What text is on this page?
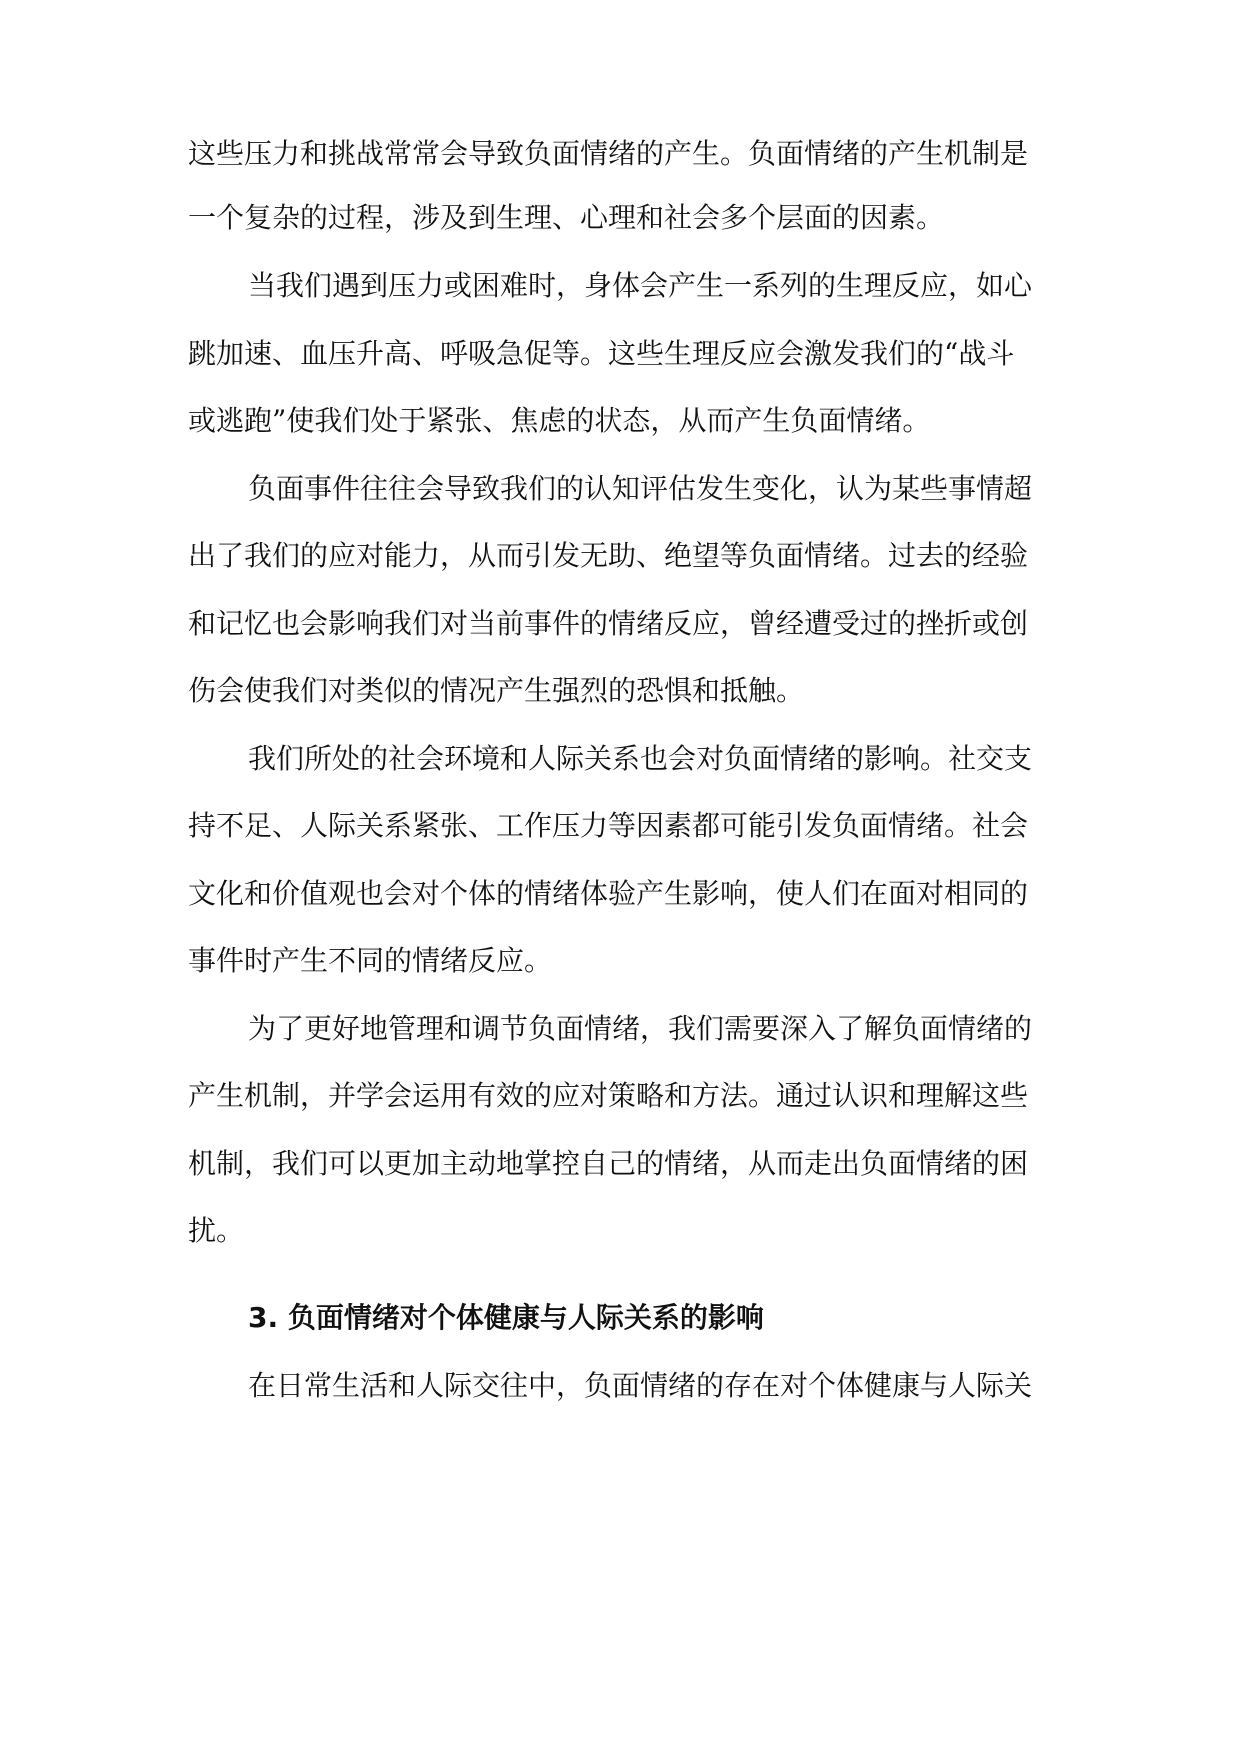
这些压力和挑战常常会导致负面情绪的产生。负面情绪的产生机制是
一个复杂的过程，涉及到生理、心理和社会多个层面的因素。
当我们遇到压力或困难时，身体会产生一系列的生理反应，如心
跳加速、血压升高、呼吸急促等。这些生理反应会激发我们的“战斗
或逃跑”使我们处于紧张、焦虑的状态，从而产生负面情绪。
负面事件往往会导致我们的认知评估发生变化，认为某些事情超
出了我们的应对能力，从而引发无助、绝望等负面情绪。过去的经验
和记忆也会影响我们对当前事件的情绪反应，曾经遭受过的挫折或创
伤会使我们对类似的情况产生强烈的恐惧和抵触。
我们所处的社会环境和人际关系也会对负面情绪的影响。社交支
持不足、人际关系紧张、工作压力等因素都可能引发负面情绪。社会
文化和价值观也会对个体的情绪体验产生影响，使人们在面对相同的
事件时产生不同的情绪反应。
为了更好地管理和调节负面情绪，我们需要深入了解负面情绪的
产生机制，并学会运用有效的应对策略和方法。通过认识和理解这些
机制，我们可以更加主动地掌控自己的情绪，从而走出负面情绪的困
扰。
3. 负面情绪对个体健康与人际关系的影响
在日常生活和人际交往中，负面情绪的存在对个体健康与人际关
